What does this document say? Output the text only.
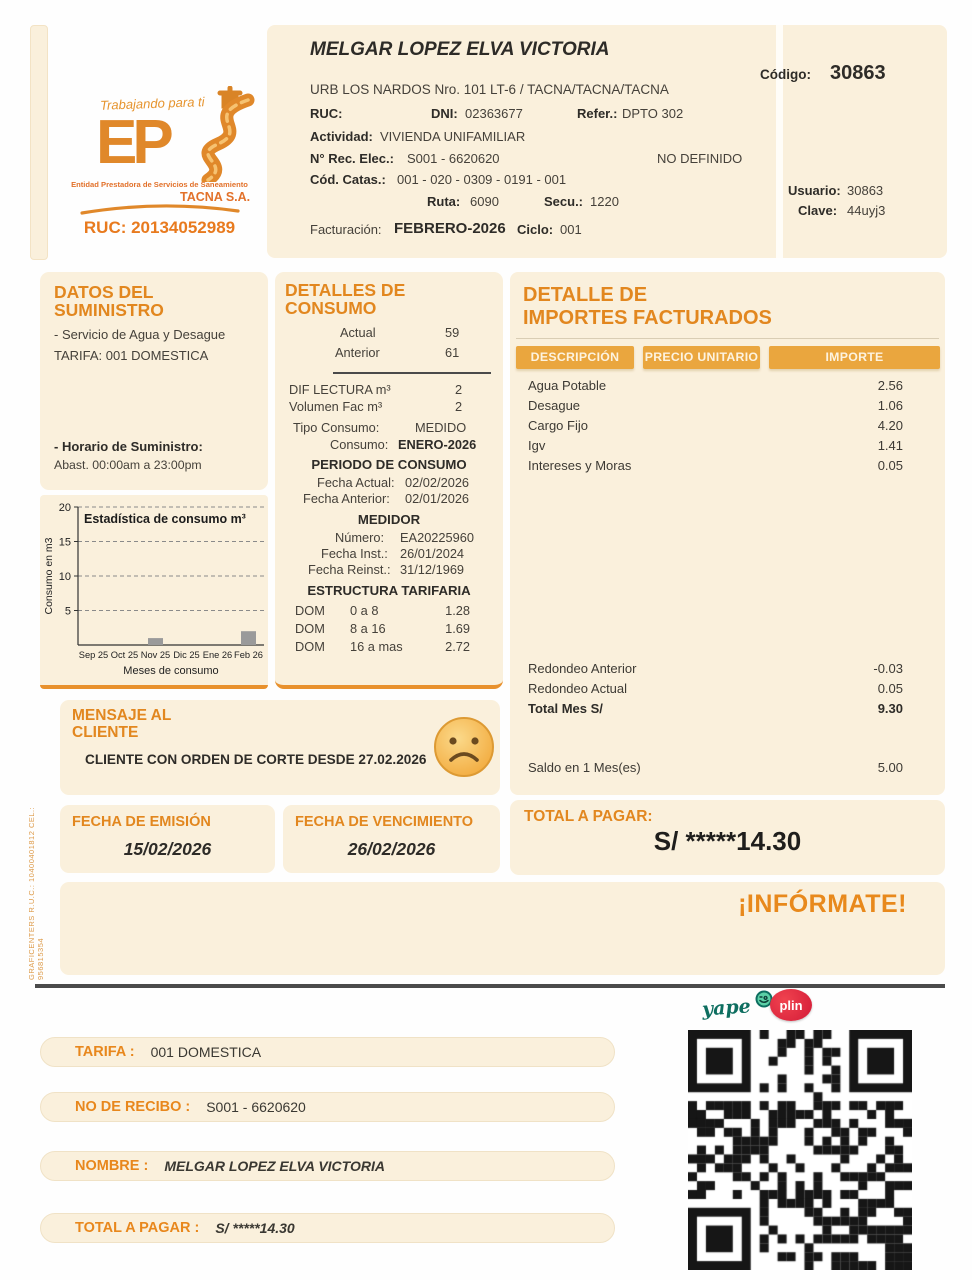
Trabajando para ti
EP
Entidad Prestadora de Servicios de Saneamiento
TACNA S.A.
RUC: 20134052989
MELGAR LOPEZ ELVA VICTORIA
Código: 30863
URB LOS NARDOS Nro. 101 LT-6 / TACNA/TACNA/TACNA
RUC:	DNI: 02363677	Refer.: DPTO 302
Actividad: VIVIENDA UNIFAMILIAR
N° Rec. Elec.: S001 - 6620620	NO DEFINIDO
Cód. Catas.: 001 - 020 - 0309 - 0191 - 001
Ruta: 6090	Secu.: 1220
Usuario: 30863
Clave: 44uyj3
Facturación: FEBRERO-2026 Ciclo: 001
DATOS DEL SUMINISTRO
- Servicio de Agua y Desague
TARIFA: 001 DOMESTICA
- Horario de Suministro:
Abast. 00:00am a 23:00pm
5
10
15
20
Sep 25 Oct 25 Nov 25 Dic 25 Ene 26 Feb 26
Estadística de consumo m³
Meses de consumo
Consumo en m3
DETALLES DE CONSUMO
Actual	59
Anterior	61
DIF LECTURA m³	2
Volumen Fac m³	2
Tipo Consumo:	MEDIDO
Consumo: ENERO-2026
PERIODO DE CONSUMO
Fecha Actual: 02/02/2026
Fecha Anterior: 02/01/2026
MEDIDOR
Número: EA20225960
Fecha Inst.: 26/01/2024
Fecha Reinst.: 31/12/1969
ESTRUCTURA TARIFARIA
DOM 0 a 8	1.28
DOM 8 a 16	1.69
DOM 16 a mas	2.72
DETALLE DE
IMPORTES FACTURADOS
DESCRIPCIÓN	PRECIO UNITARIO	IMPORTE
Agua Potable	2.56
Desague	1.06
Cargo Fijo	4.20
Igv	1.41
Intereses y Moras	0.05
Redondeo Anterior	-0.03
Redondeo Actual	0.05
Total Mes S/	9.30
Saldo en 1 Mes(es)	5.00
MENSAJE AL
CLIENTE
CLIENTE CON ORDEN DE CORTE DESDE 27.02.2026
FECHA DE EMISIÓN
15/02/2026
FECHA DE VENCIMIENTO
26/02/2026
TOTAL A PAGAR:
S/ *****14.30
¡INFÓRMATE!
GRAFICENTERS R.U.C.: 10400401812 CEL.: 956815354
yape	plin
TARIFA : 001 DOMESTICA
NO DE RECIBO : S001 - 6620620
NOMBRE : MELGAR LOPEZ ELVA VICTORIA
TOTAL A PAGAR : S/ *****14.30
